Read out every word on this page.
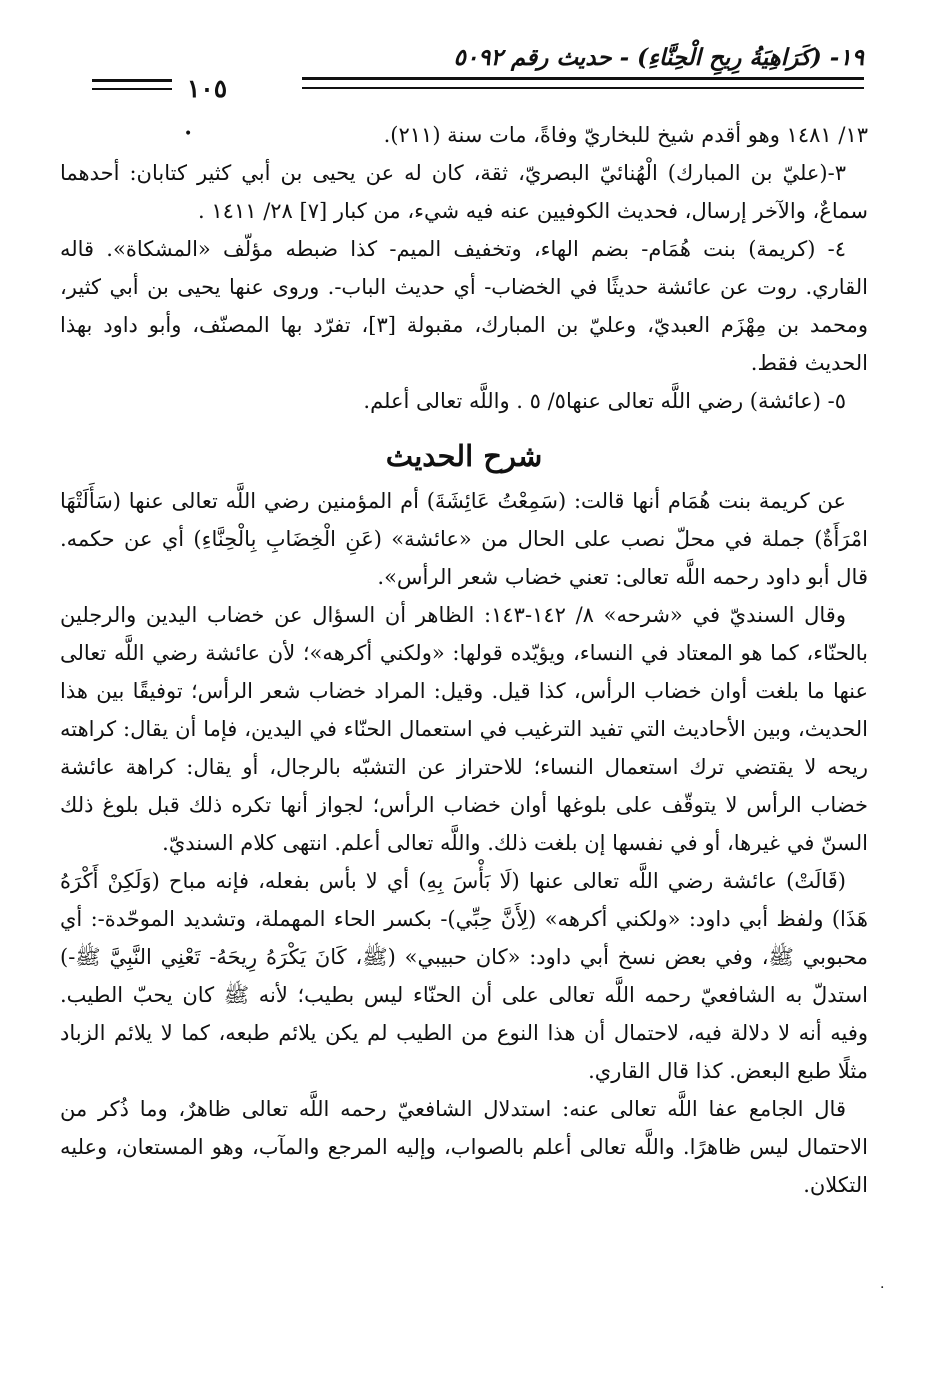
١٩- (كَرَاهِيَةُ رِيحِ الْحِنَّاءِ) - حديث رقم ٥٠٩٢
١٠٥
•	١٣/ ١٤٨١ وهو أقدم شيخ للبخاريّ وفاةً، مات سنة (٢١١).

٣-(عليّ بن المبارك) الْهُنائيّ البصريّ، ثقة، كان له عن يحيى بن أبي كثير كتابان: أحدهما سماعٌ، والآخر إرسال، فحديث الكوفيين عنه فيه شيء، من كبار [٧] ٢٨/ ١٤١١ .

٤- (كريمة) بنت هُمَام- بضم الهاء، وتخفيف الميم- كذا ضبطه مؤلّف «المشكاة». قاله القاري. روت عن عائشة حديثًا في الخضاب- أي حديث الباب-. وروى عنها يحيى بن أبي كثير، ومحمد بن مِهْزَم العبديّ، وعليّ بن المبارك، مقبولة [٣]، تفرّد بها المصنّف، وأبو داود بهذا الحديث فقط.

٥- (عائشة) رضي اللَّه تعالى عنها٥/ ٥ . واللَّه تعالى أعلم.

شرح الحديث

عن كريمة بنت هُمَام أنها قالت: (سَمِعْتُ عَائِشَةَ) أم المؤمنين رضي اللَّه تعالى عنها (سَأَلَتْهَا امْرَأَةٌ) جملة في محلّ نصب على الحال من «عائشة» (عَنِ الْخِضَابِ بِالْحِنَّاءِ) أي عن حكمه. قال أبو داود رحمه اللَّه تعالى: تعني خضاب شعر الرأس».

وقال السنديّ في «شرحه» ٨/ ١٤٢-١٤٣: الظاهر أن السؤال عن خضاب اليدين والرجلين بالحنّاء، كما هو المعتاد في النساء، ويؤيّده قولها: «ولكني أكرهه»؛ لأن عائشة رضي اللَّه تعالى عنها ما بلغت أوان خضاب الرأس، كذا قيل. وقيل: المراد خضاب شعر الرأس؛ توفيقًا بين هذا الحديث، وبين الأحاديث التي تفيد الترغيب في استعمال الحنّاء في اليدين، فإما أن يقال: كراهته ريحه لا يقتضي ترك استعمال النساء؛ للاحتراز عن التشبّه بالرجال، أو يقال: كراهة عائشة خضاب الرأس لا يتوقّف على بلوغها أوان خضاب الرأس؛ لجواز أنها تكره ذلك قبل بلوغ ذلك السنّ في غيرها، أو في نفسها إن بلغت ذلك. واللَّه تعالى أعلم. انتهى كلام السنديّ.

(قَالَتْ) عائشة رضي اللَّه تعالى عنها (لَا بَأْسَ بِهِ) أي لا بأس بفعله، فإنه مباح (وَلَكِنْ أَكْرَهُ هَذَا) ولفظ أبي داود: «ولكني أكرهه» (لِأَنَّ حِبِّي)- بكسر الحاء المهملة، وتشديد الموحّدة-: أي محبوبي ﷺ، وفي بعض نسخ أبي داود: «كان حبيبي» (ﷺ، كَانَ يَكْرَهُ رِيحَهُ- تَعْنِي النَّبِيَّ ﷺ-) استدلّ به الشافعيّ رحمه اللَّه تعالى على أن الحنّاء ليس بطيب؛ لأنه ﷺ كان يحبّ الطيب. وفيه أنه لا دلالة فيه، لاحتمال أن هذا النوع من الطيب لم يكن يلائم طبعه، كما لا يلائم الزباد مثلًا طبع البعض. كذا قال القاري.

قال الجامع عفا اللَّه تعالى عنه: استدلال الشافعيّ رحمه اللَّه تعالى ظاهرٌ، وما ذُكر من الاحتمال ليس ظاهرًا. واللَّه تعالى أعلم بالصواب، وإليه المرجع والمآب، وهو المستعان، وعليه التكلان.

·
